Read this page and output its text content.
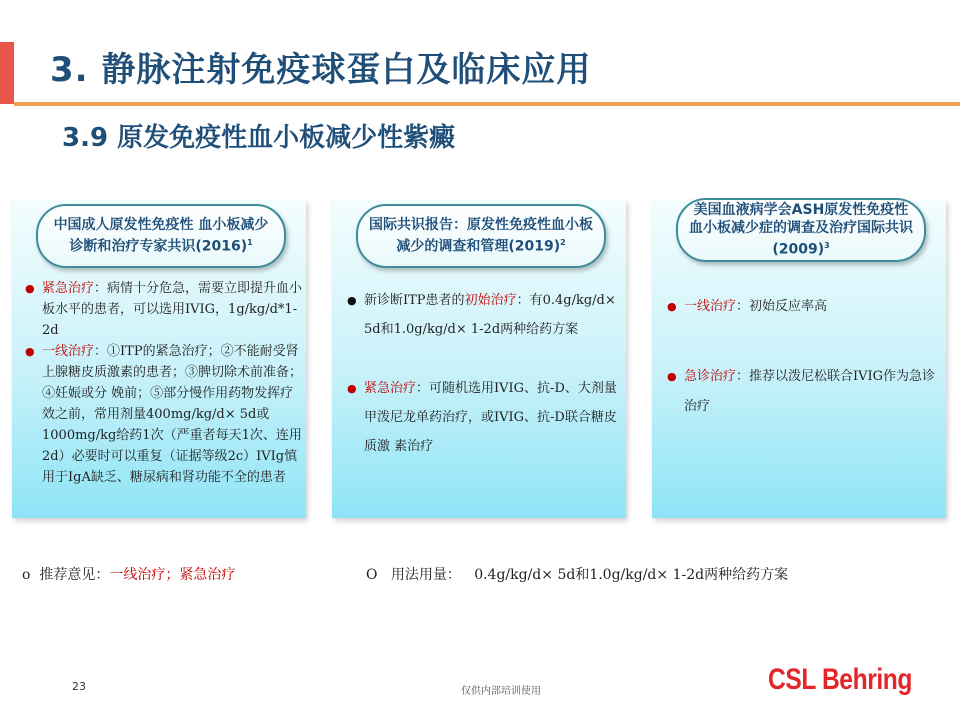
3. 静脉注射免疫球蛋白及临床应用
3.9 原发免疫性血小板减少性紫癜
中国成人原发性免疫性 血小板减少诊断和治疗专家共识$(2016)^1$
● 紧急治疗：病情十分危急，需要立即提升血小板水平的患者，可以选用IVIG，1g/kg/d*1-2d
● 一线治疗：①ITP的紧急治疗；②不能耐受肾上腺糖皮质激素的患者；③脾切除术前准备；④妊娠或分 娩前；⑤部分慢作用药物发挥疗效之前，常用剂量400mg/kg/d× 5d或1000mg/kg给药1次（严重者每天1次、连用2d）必要时可以重复（证据等级2c）IVIg慎用于IgA缺乏、糖尿病和肾功能不全的患者
国际共识报告：原发性免疫性血小板减少的调查和管理$(2019)^2$
● 新诊断ITP患者的初始治疗：有0.4g/kg/d× 5d和1.0g/kg/d× 1-2d两种给药方案
● 紧急治疗：可随机选用IVIG、抗-D、大剂量甲泼尼龙单药治疗，或IVIG、抗-D联合糖皮质激 素治疗
美国血液病学会ASH原发性免疫性血小板减少症的调查及治疗国际共识$(2009)^3$
● 一线治疗：初始反应率高
● 急诊治疗：推荐以泼尼松联合IVIG作为急诊治疗
o 推荐意见：一线治疗；紧急治疗	O 用法用量： 0.4g/kg/d× 5d和1.0g/kg/d× 1-2d两种给药方案
23	仅供内部培训使用	CSL Behring
